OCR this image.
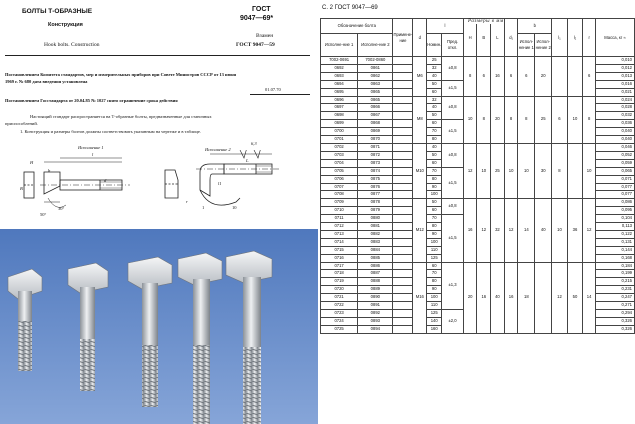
БОЛТЫ Т-ОБРАЗНЫЕ
Конструкция
Hook bolts. Construction
ГОСТ
9047—69*
Взамен
ГОСТ 9047—59
Постановлением Комитета стандартов, мер и измерительных приборов при Совете Министров СССР от 13 июня
1969 г. № 680 дата введения установлена
01.07.70
Постановлением Госстандарта от 20.04.85 № 1027 снято ограничение срока действия
Настоящий стандарт распространяется на Т-образные болты, предназначенные для станочных
приспособлений.
1. Конструкция и размеры болтов должны соответствовать указанным на чертеже и в таблице.
Исполнение 1	Исполнение 2
6,3
H
B
b
l
d
30°
50°
l1
1	10
r
L
С. 2 ГОСТ 9047—69
Размеры в мм
Обозначение болта		Примене-ние	d	l		H	B	L	d₁	b		l₁	l₂	r	Масса, кг ≈
Исполне-ние 1	Исполне-ние 2			Номин.	Пред. откл.					Испол-нение 1	Испол-нение 2				
7002-0691	7002-0860		M6	25	±0,8	8	6	16	6	6	20			6	0,010
0692	0861			32											0,012
0693	0862			40											0,013
0694	0863			50	±1,5										0,016
0695	0865			60											0,021
0696	0865		M8	32	±0,8	10	8	20	8	8	25	6	10	8	0,024
0697	0866			40											0,028
0698	0867			50											0,032
0699	0868			60	±1,5										0,036
0700	0869			70											0,040
0701	0870			80											0,040
0702	0871		M10	40	±0,8	12	10	25	10	10	30	8		10	0,046
0703	0872			50											0,052
0704	0873			60											0,059
0705	0874			70	±1,5										0,065
0706	0875			80											0,071
0707	0876			90											0,077
0708	0877			100											0,077
0709	0878		M12	50	±0,8	16	12	32	12	14	40	10	36	12	0,086
0710	0879			60											0,095
0711	0880			70	±1,5										0,104
0712	0881			80											0,113
0713	0882			90											0,122
0714	0883			100											0,131
0715	0884			110											0,144
0716	0885			125											0,168
0717	0886		M16	60	±1,3	20	16	40	16	18		12	50	14	0,184
0718	0887			70											0,199
0719	0888			80											0,215
0720	0889			90											0,231
0721	0890			100											0,247
0722	0891			110											0,271
0723	0892			125	±2,0										0,294
0724	0893			140											0,326
0725	0894			160											0,326
